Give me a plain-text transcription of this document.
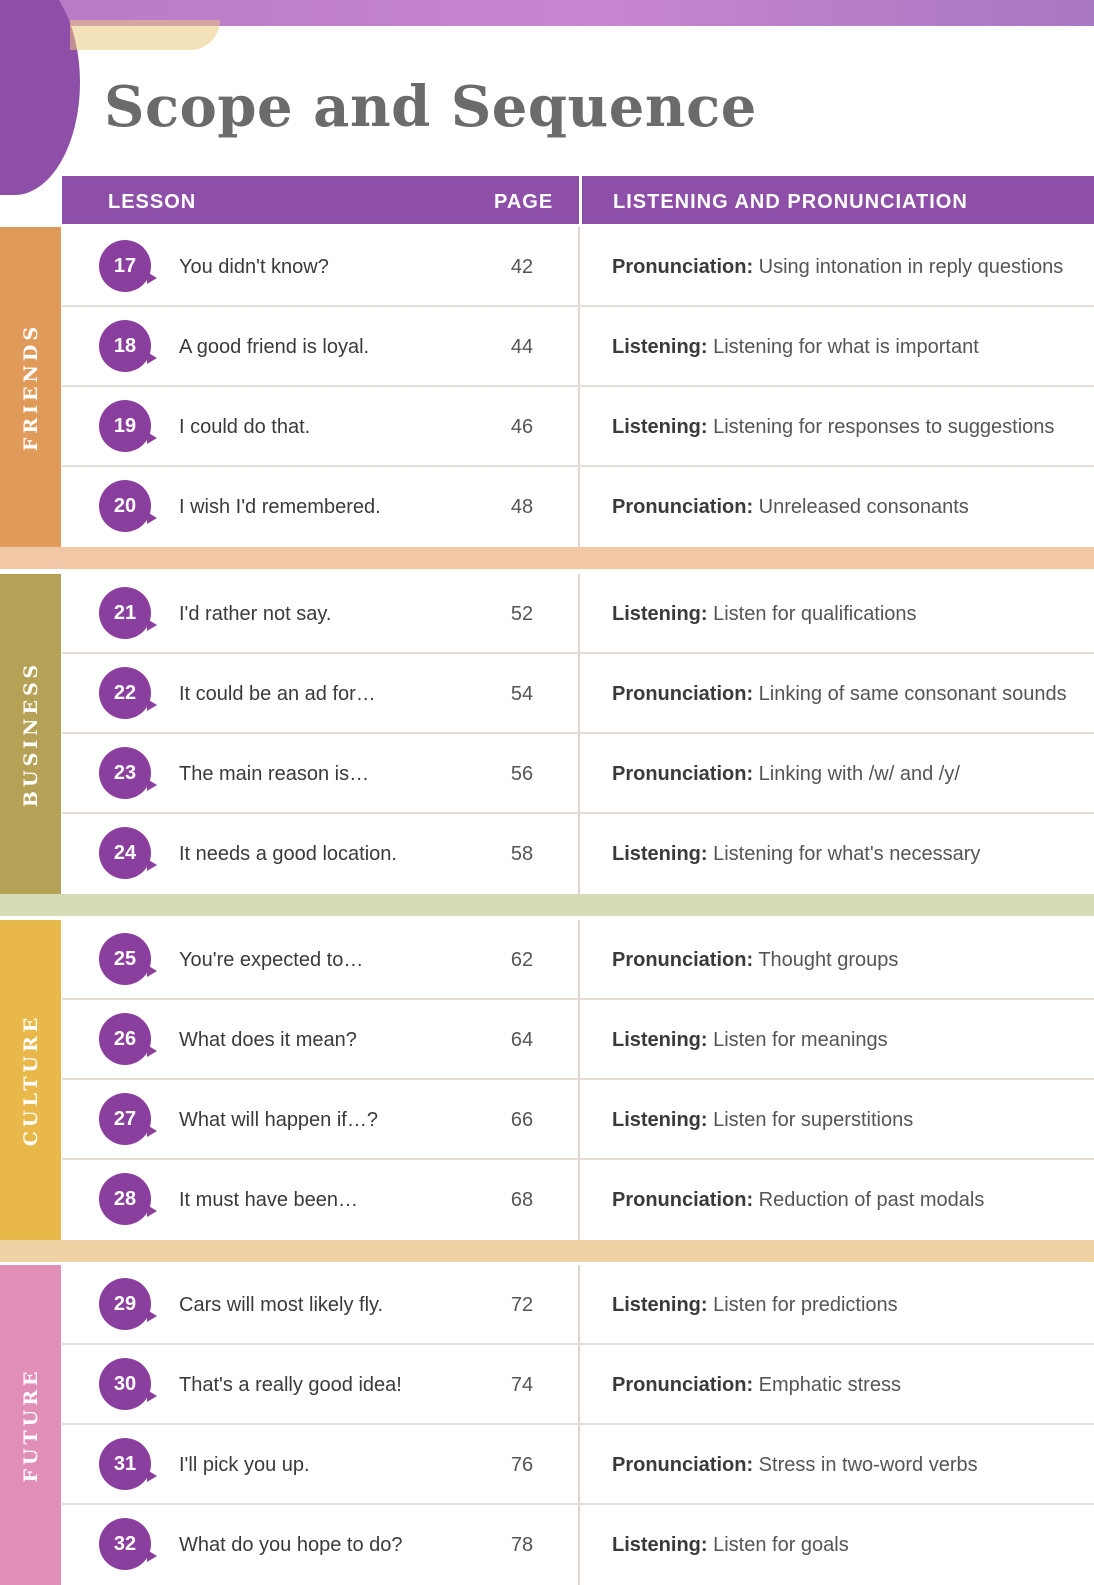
Scope and Sequence
LESSON	PAGE	LISTENING AND PRONUNCIATION
FRIENDS
17	You didn't know?	42	Pronunciation: Using intonation in reply questions
18	A good friend is loyal.	44	Listening: Listening for what is important
19	I could do that.	46	Listening: Listening for responses to suggestions
20	I wish I'd remembered.	48	Pronunciation: Unreleased consonants
BUSINESS
21	I'd rather not say.	52	Listening: Listen for qualifications
22	It could be an ad for…	54	Pronunciation: Linking of same consonant sounds
23	The main reason is…	56	Pronunciation: Linking with /w/ and /y/
24	It needs a good location.	58	Listening: Listening for what's necessary
CULTURE
25	You're expected to…	62	Pronunciation: Thought groups
26	What does it mean?	64	Listening: Listen for meanings
27	What will happen if…?	66	Listening: Listen for superstitions
28	It must have been…	68	Pronunciation: Reduction of past modals
FUTURE
29	Cars will most likely fly.	72	Listening: Listen for predictions
30	That's a really good idea!	74	Pronunciation: Emphatic stress
31	I'll pick you up.	76	Pronunciation: Stress in two-word verbs
32	What do you hope to do?	78	Listening: Listen for goals
